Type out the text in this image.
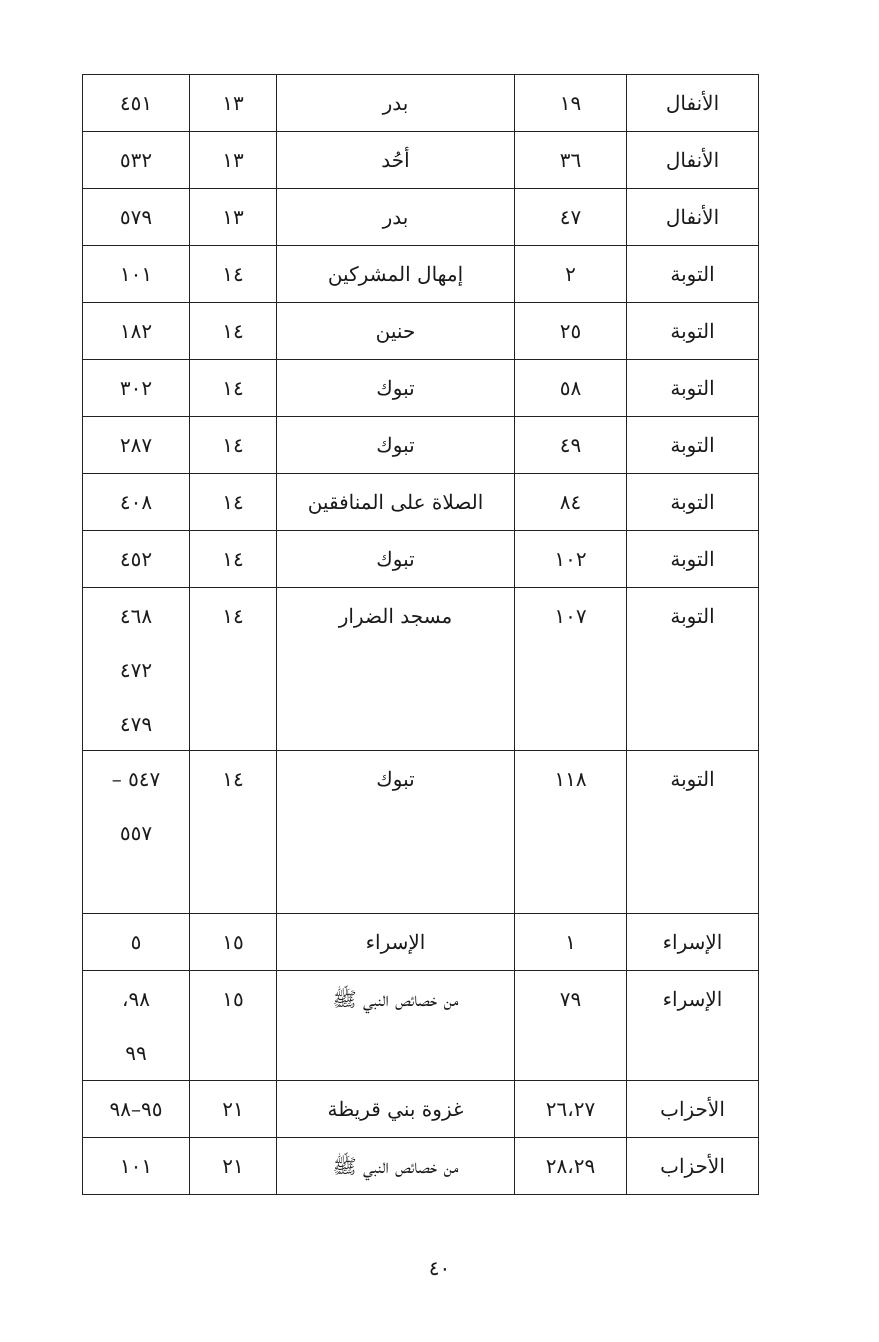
الأنفال	١٩	بدر	١٣	٤٥١

الأنفال	٣٦	أحُد	١٣	٥٣٢

الأنفال	٤٧	بدر	١٣	٥٧٩

التوبة	٢	إمهال المشركين	١٤	١٠١

التوبة	٢٥	حنين	١٤	١٨٢

التوبة	٥٨	تبوك	١٤	٣٠٢

التوبة	٤٩	تبوك	١٤	٢٨٧

التوبة	٨٤	الصلاة على المنافقين	١٤	٤٠٨

التوبة	١٠٢	تبوك	١٤	٤٥٢

التوبة	١٠٧	مسجد الضرار	١٤	٤٦٨
٤٧٢
٤٧٩

التوبة	١١٨	تبوك	١٤	٥٤٧ –
٥٥٧

الإسراء	١	الإسراء	١٥	٥

الإسراء	٧٩	من خصائص النبي ﷺ	١٥	٩٨،
٩٩

الأحزاب	٢٦،٢٧	غزوة بني قريظة	٢١	٩٥–٩٨

الأحزاب	٢٨،٢٩	من خصائص النبي ﷺ	٢١	١٠١
٤٠
